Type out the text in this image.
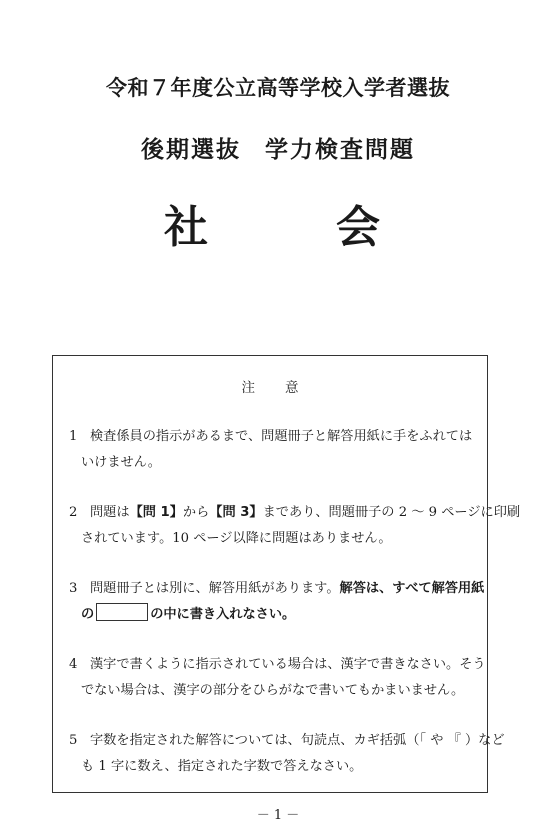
令和７年度公立高等学校入学者選抜
後期選抜 学力検査問題
社	会
注 意
1 検査係員の指示があるまで、問題冊子と解答用紙に手をふれては
いけません。
2 問題は【問 1】から【問 3】まであり、問題冊子の 2 ～ 9 ページに印刷
されています。10 ページ以降に問題はありません。
3 問題冊子とは別に、解答用紙があります。解答は、すべて解答用紙
の	の中に書き入れなさい。
4 漢字で書くように指示されている場合は、漢字で書きなさい。そう
でない場合は、漢字の部分をひらがなで書いてもかまいません。
5 字数を指定された解答については、句読点、カギ括弧（「 や 『 ）など
も 1 字に数え、指定された字数で答えなさい。
－ 1 －
